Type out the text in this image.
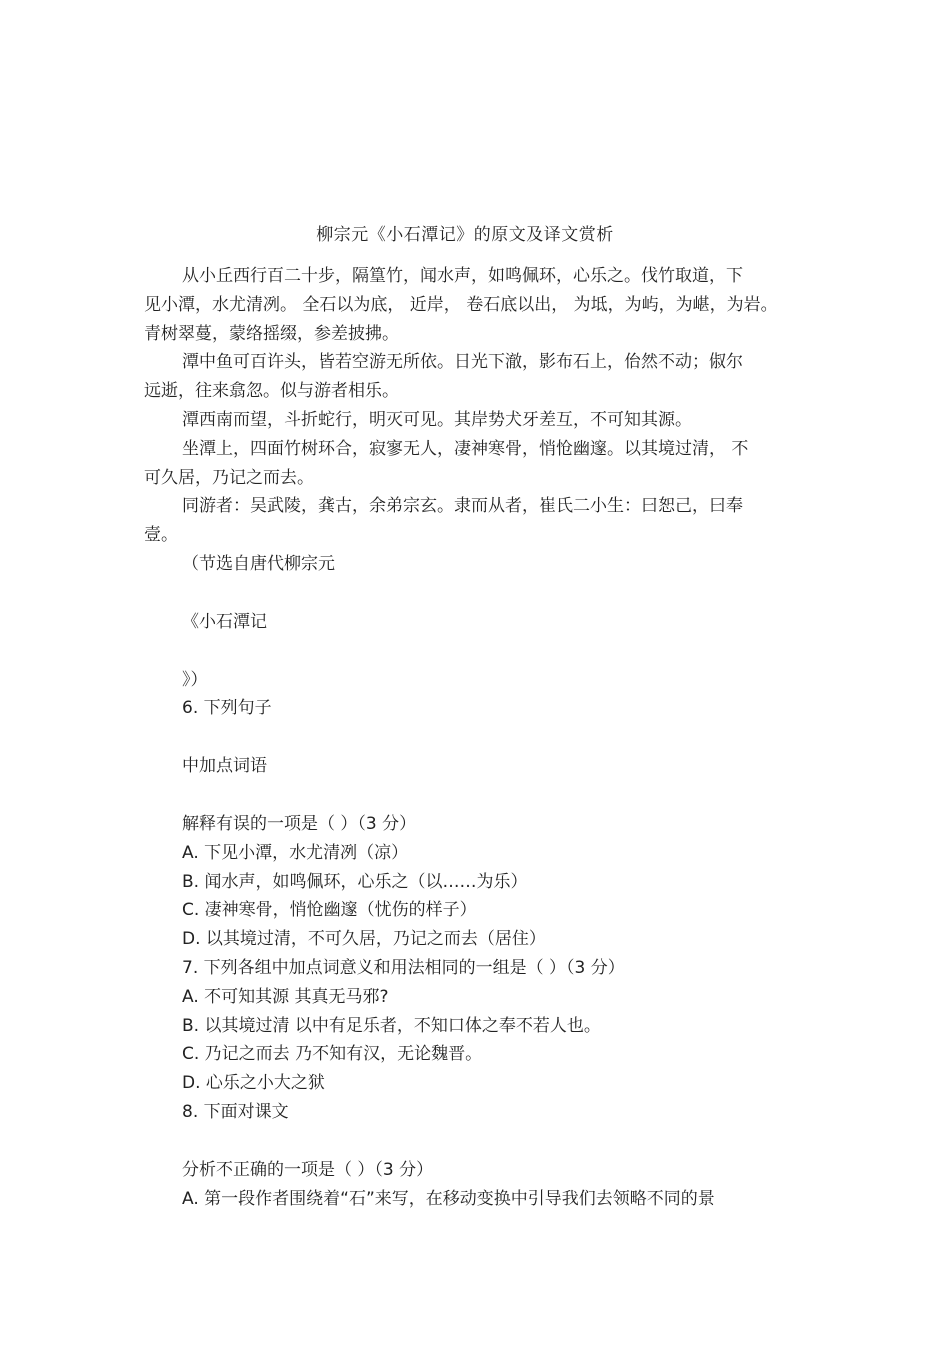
柳宗元《小石潭记》的原文及译文赏析
从小丘西行百二十步，隔篁竹，闻水声，如鸣佩环，心乐之。伐竹取道，下
见小潭，水尤清冽。 全石以为底， 近岸， 卷石底以出， 为坻，为屿，为嵁，为岩。
青树翠蔓，蒙络摇缀，参差披拂。
潭中鱼可百许头，皆若空游无所依。日光下澈，影布石上，佁然不动；俶尔
远逝，往来翕忽。似与游者相乐。
潭西南而望，斗折蛇行，明灭可见。其岸势犬牙差互，不可知其源。
坐潭上，四面竹树环合，寂寥无人，凄神寒骨，悄怆幽邃。以其境过清， 不
可久居，乃记之而去。
同游者：吴武陵，龚古，余弟宗玄。隶而从者，崔氏二小生：曰恕己，曰奉
壹。
（节选自唐代柳宗元
《小石潭记
》）
6. 下列句子
中加点词语
解释有误的一项是（ ）（3 分）
A. 下见小潭，水尤清冽（凉）
B. 闻水声，如鸣佩环，心乐之（以……为乐）
C. 凄神寒骨，悄怆幽邃（忧伤的样子）
D. 以其境过清，不可久居，乃记之而去（居住）
7. 下列各组中加点词意义和用法相同的一组是（ ）（3 分）
A. 不可知其源 其真无马邪?
B. 以其境过清 以中有足乐者，不知口体之奉不若人也。
C. 乃记之而去 乃不知有汉，无论魏晋。
D. 心乐之小大之狱
8. 下面对课文
分析不正确的一项是（ ）（3 分）
A. 第一段作者围绕着“石”来写，在移动变换中引导我们去领略不同的景
